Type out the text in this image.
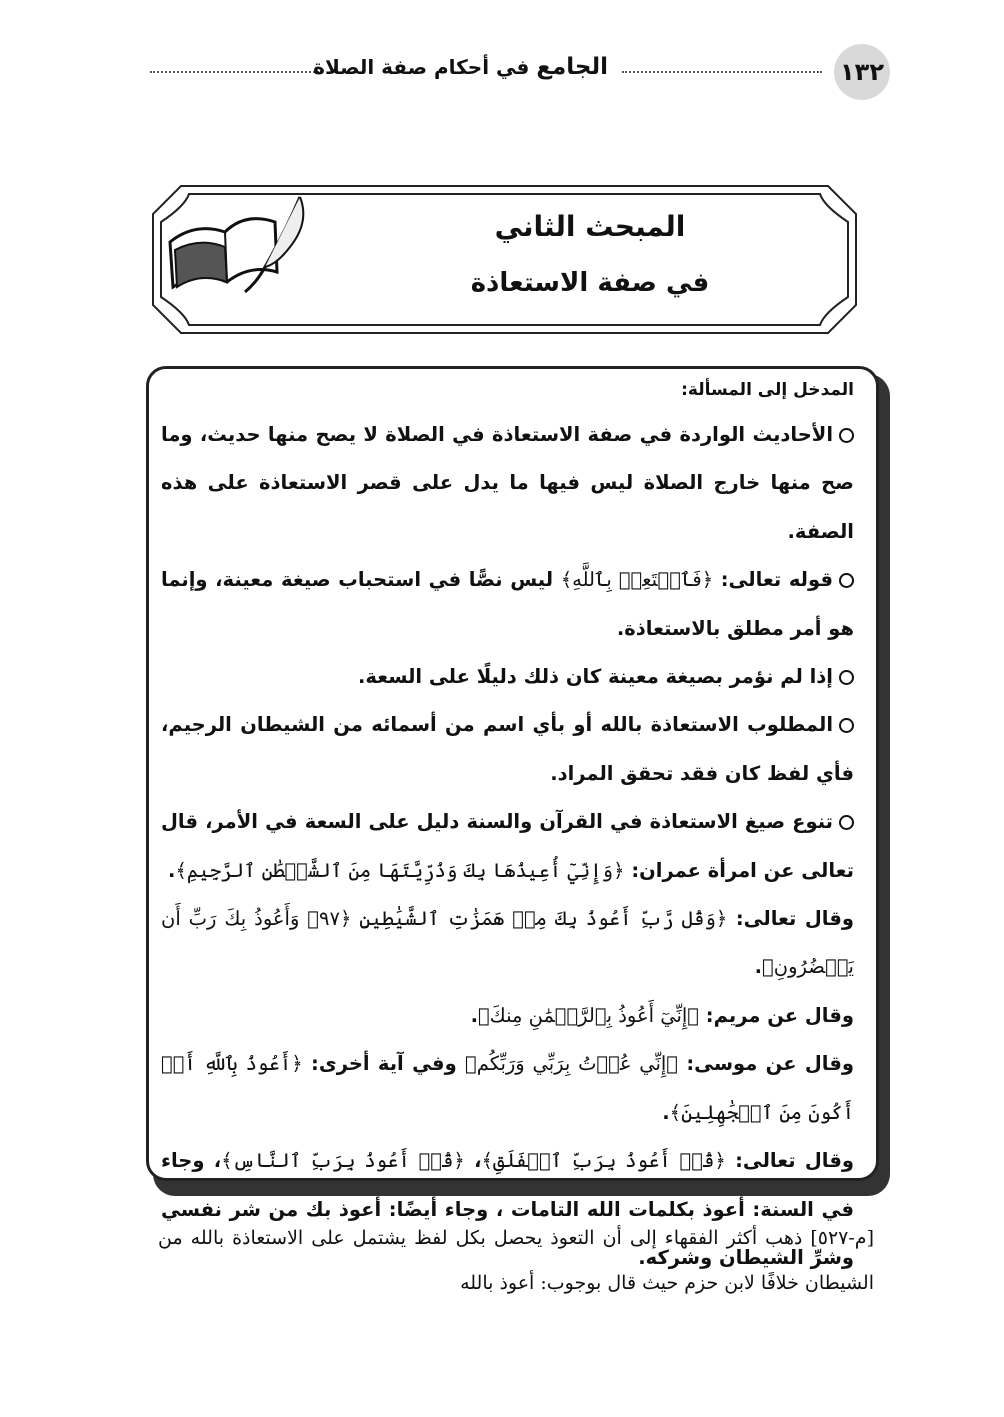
الجامع في أحكام صفة الصلاة	١٣٢
المبحث الثاني
في صفة الاستعاذة
المدخل إلى المسألة:

الأحاديث الواردة في صفة الاستعاذة في الصلاة لا يصح منها حديث، وما صح منها خارج الصلاة ليس فيها ما يدل على قصر الاستعاذة على هذه الصفة.

قوله تعالى: ﴿فَٱسۡتَعِذۡ بِٱللَّهِ﴾ ليس نصًّا في استحباب صيغة معينة، وإنما هو أمر مطلق بالاستعاذة.

إذا لم نؤمر بصيغة معينة كان ذلك دليلًا على السعة.

المطلوب الاستعاذة بالله أو بأي اسم من أسمائه من الشيطان الرجيم، فأي لفظ كان فقد تحقق المراد.

تنوع صيغ الاستعاذة في القرآن والسنة دليل على السعة في الأمر، قال تعالى عن امرأة عمران: ﴿وَإِنِّيٓ أُعِيذُهَا بِكَ وَذُرِّيَّتَهَا مِنَ ٱلشَّيۡطَٰنِ ٱلرَّجِيمِ﴾.

وقال تعالى: ﴿وَقُل رَّبِّ أَعُوذُ بِكَ مِنۡ هَمَزَٰتِ ٱلشَّيَٰطِينِ ﴿٩٧﴾ وَأَعُوذُ بِكَ رَبِّ أَن يَحۡضُرُونِ﴾.

وقال عن مريم: ﴿إِنِّيٓ أَعُوذُ بِٱلرَّحۡمَٰنِ مِنكَ﴾.

وقال عن موسى: ﴿إِنِّي عُذۡتُ بِرَبِّي وَرَبِّكُم﴾ وفي آية أخرى: ﴿أَعُوذُ بِٱللَّهِ أَنۡ أَكُونَ مِنَ ٱلۡجَٰهِلِينَ﴾.

وقال تعالى: ﴿قُلۡ أَعُوذُ بِرَبِّ ٱلۡفَلَقِ﴾، ﴿قُلۡ أَعُوذُ بِرَبِّ ٱلنَّاسِ﴾، وجاء في السنة: أعوذ بكلمات الله التامات ، وجاء أيضًا: أعوذ بك من شر نفسي وشرِّ الشيطان وشركه.

[م-٥٢٧] ذهب أكثر الفقهاء إلى أن التعوذ يحصل بكل لفظ يشتمل على الاستعاذة بالله من الشيطان خلافًا لابن حزم حيث قال بوجوب: أعوذ بالله
